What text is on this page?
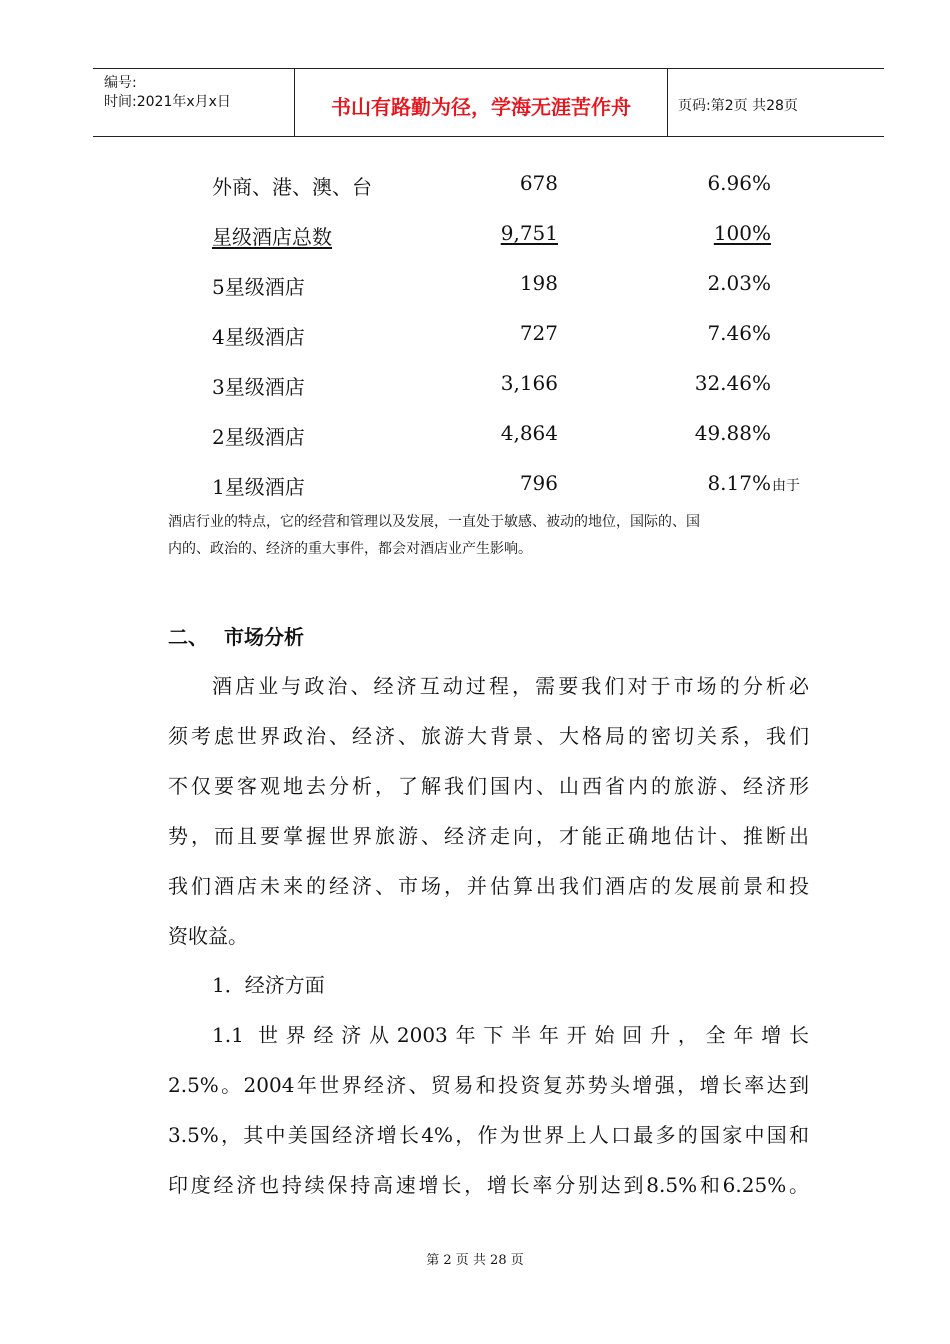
编号:
时间:2021年x月x日	书山有路勤为径，学海无涯苦作舟	页码:第2页 共28页
外商、港、澳、台	678	6.96%
星级酒店总数	9,751	100%
5星级酒店	198	2.03%
4星级酒店	727	7.46%
3星级酒店	3,166	32.46%
2星级酒店	4,864	49.88%
1星级酒店	796	8.17% 由于
酒店行业的特点，它的经营和管理以及发展，一直处于敏感、被动的地位，国际的、国
内的、政治的、经济的重大事件，都会对酒店业产生影响。
二、 市场分析
酒店业与政治、经济互动过程，需要我们对于市场的分析必
须考虑世界政治、经济、旅游大背景、大格局的密切关系，我们
不仅要客观地去分析，了解我们国内、山西省内的旅游、经济形
势，而且要掌握世界旅游、经济走向，才能正确地估计、推断出
我们酒店未来的经济、市场，并估算出我们酒店的发展前景和投
资收益。
1．经济方面
1.1 世界经济从2003年下半年开始回升，全年增长
2.5%。2004年世界经济、贸易和投资复苏势头增强，增长率达到
3.5%，其中美国经济增长4%，作为世界上人口最多的国家中国和
印度经济也持续保持高速增长，增长率分别达到8.5%和6.25%。
第 2 页 共 28 页
